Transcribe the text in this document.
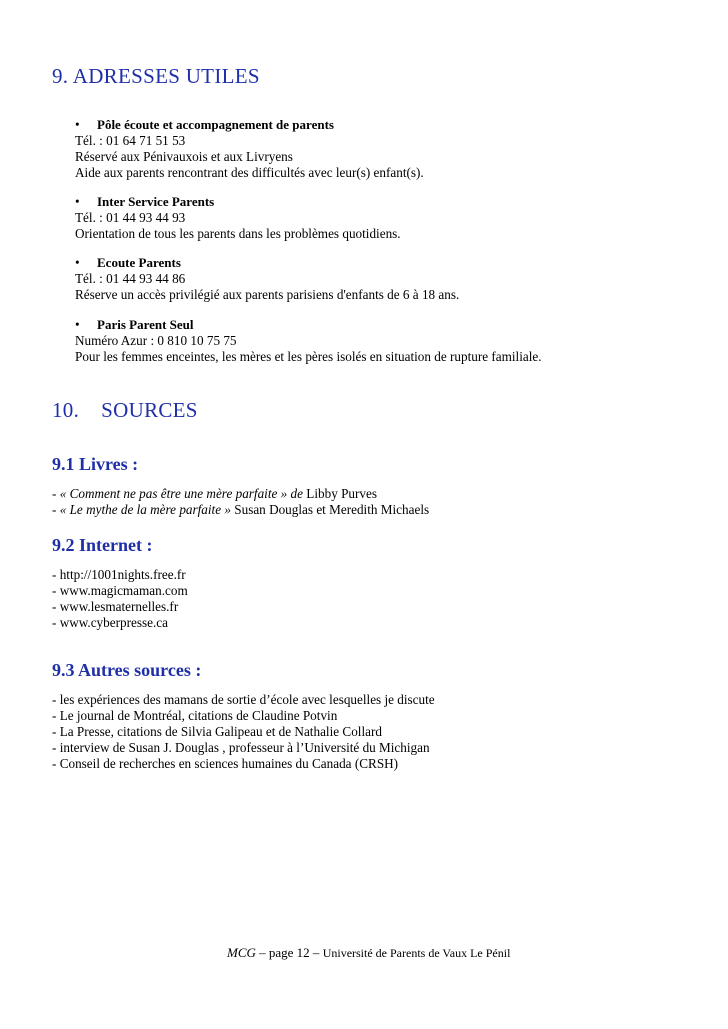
9. ADRESSES UTILES
• Pôle écoute et accompagnement de parents
Tél. : 01 64 71 51 53
Réservé aux Pénivauxois et aux Livryens
Aide aux parents rencontrant des difficultés avec leur(s) enfant(s).
• Inter Service Parents
Tél. : 01 44 93 44 93
Orientation de tous les parents dans les problèmes quotidiens.
• Ecoute Parents
Tél. : 01 44 93 44 86
Réserve un accès privilégié aux parents parisiens d'enfants de 6 à 18 ans.
• Paris Parent Seul
Numéro Azur : 0 810 10 75 75
Pour les femmes enceintes, les mères et les pères isolés en situation de rupture familiale.
10. SOURCES
9.1 Livres :
- « Comment ne pas être une mère parfaite » de Libby Purves
- « Le mythe de la mère parfaite » Susan Douglas et Meredith Michaels
9.2 Internet :
- http://1001nights.free.fr
- www.magicmaman.com
- www.lesmaternelles.fr
- www.cyberpresse.ca
9.3 Autres sources :
- les expériences des mamans de sortie d’école avec lesquelles je discute
- Le journal de Montréal, citations de Claudine Potvin
- La Presse, citations de Silvia Galipeau et de Nathalie Collard
- interview de Susan J. Douglas , professeur à l’Université du Michigan
- Conseil de recherches en sciences humaines du Canada (CRSH)
MCG – page 12 – Université de Parents de Vaux Le Pénil
